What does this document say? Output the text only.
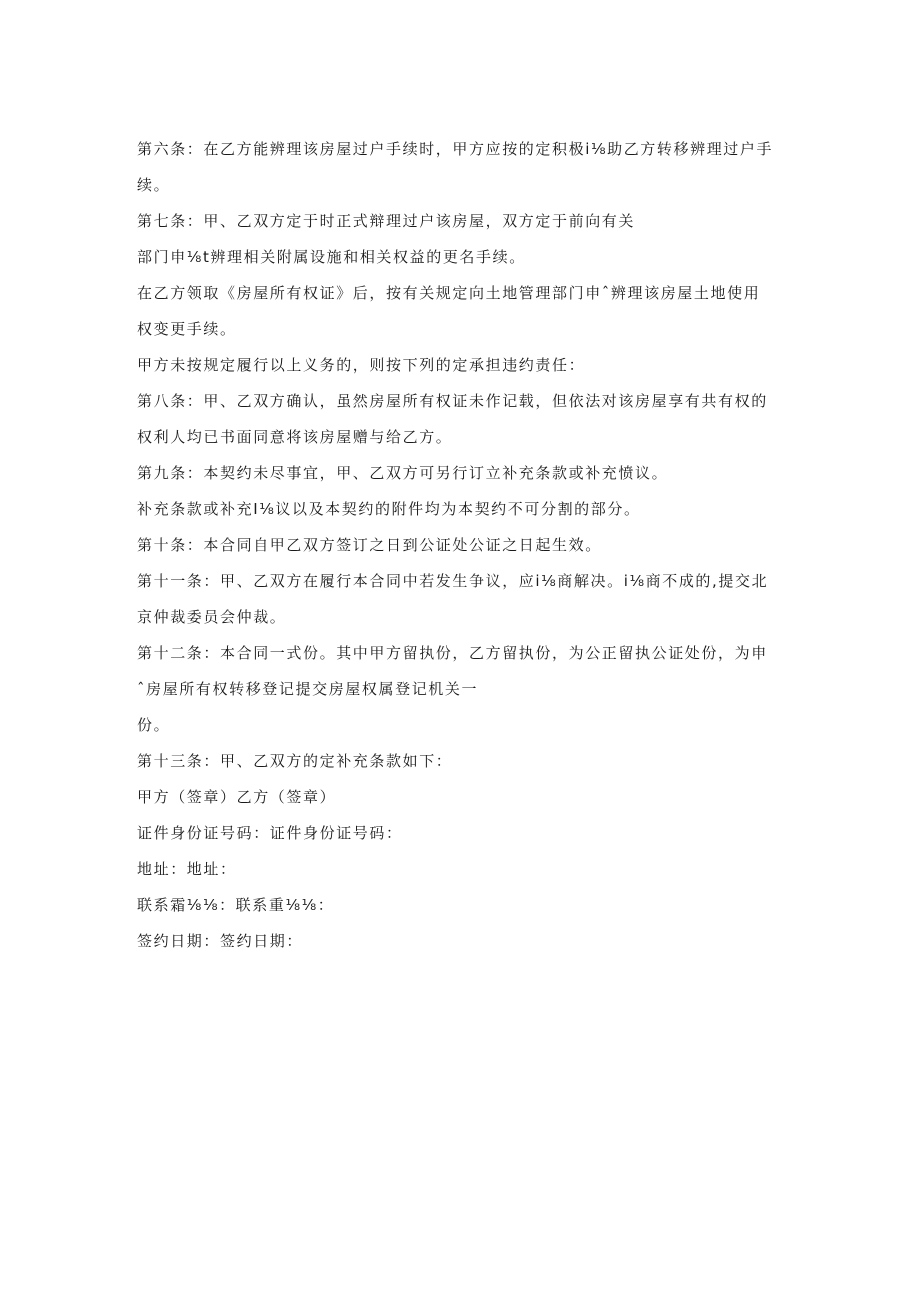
第六条：在乙方能辨理该房屋过户手续时，甲方应按的定积极i⅛助乙方转移辨理过户手
续。
第七条：甲、乙双方定于时正式辩理过户该房屋，双方定于前向有关
部门申⅛t辨理相关附属设施和相关权益的更名手续。
在乙方领取《房屋所有权证》后，按有关规定向土地管理部门申ˆ辨理该房屋土地使用
权变更手续。
甲方未按规定履行以上义务的，则按下列的定承担违约责任：
第八条：甲、乙双方确认，虽然房屋所有权证未作记载，但依法对该房屋享有共有权的
权利人均已书面同意将该房屋赠与给乙方。
第九条：本契约未尽事宜，甲、乙双方可另行订立补充条款或补充愤议。
补充条款或补充I⅛议以及本契约的附件均为本契约不可分割的部分。
第十条：本合同自甲乙双方签订之日到公证处公证之日起生效。
第十一条：甲、乙双方在履行本合同中若发生争议，应i⅛商解决。i⅛商不成的,提交北
京仲裁委员会仲裁。
第十二条：本合同一式份。其中甲方留执份，乙方留执份，为公正留执公证处份，为申
ˆ房屋所有权转移登记提交房屋权属登记机关一
份。
第十三条：甲、乙双方的定补充条款如下：
甲方（签章）乙方（签章）
证件身份证号码：证件身份证号码：
地址：地址：
联系霜⅛⅛：联系重⅛⅛：
签约日期：签约日期：
